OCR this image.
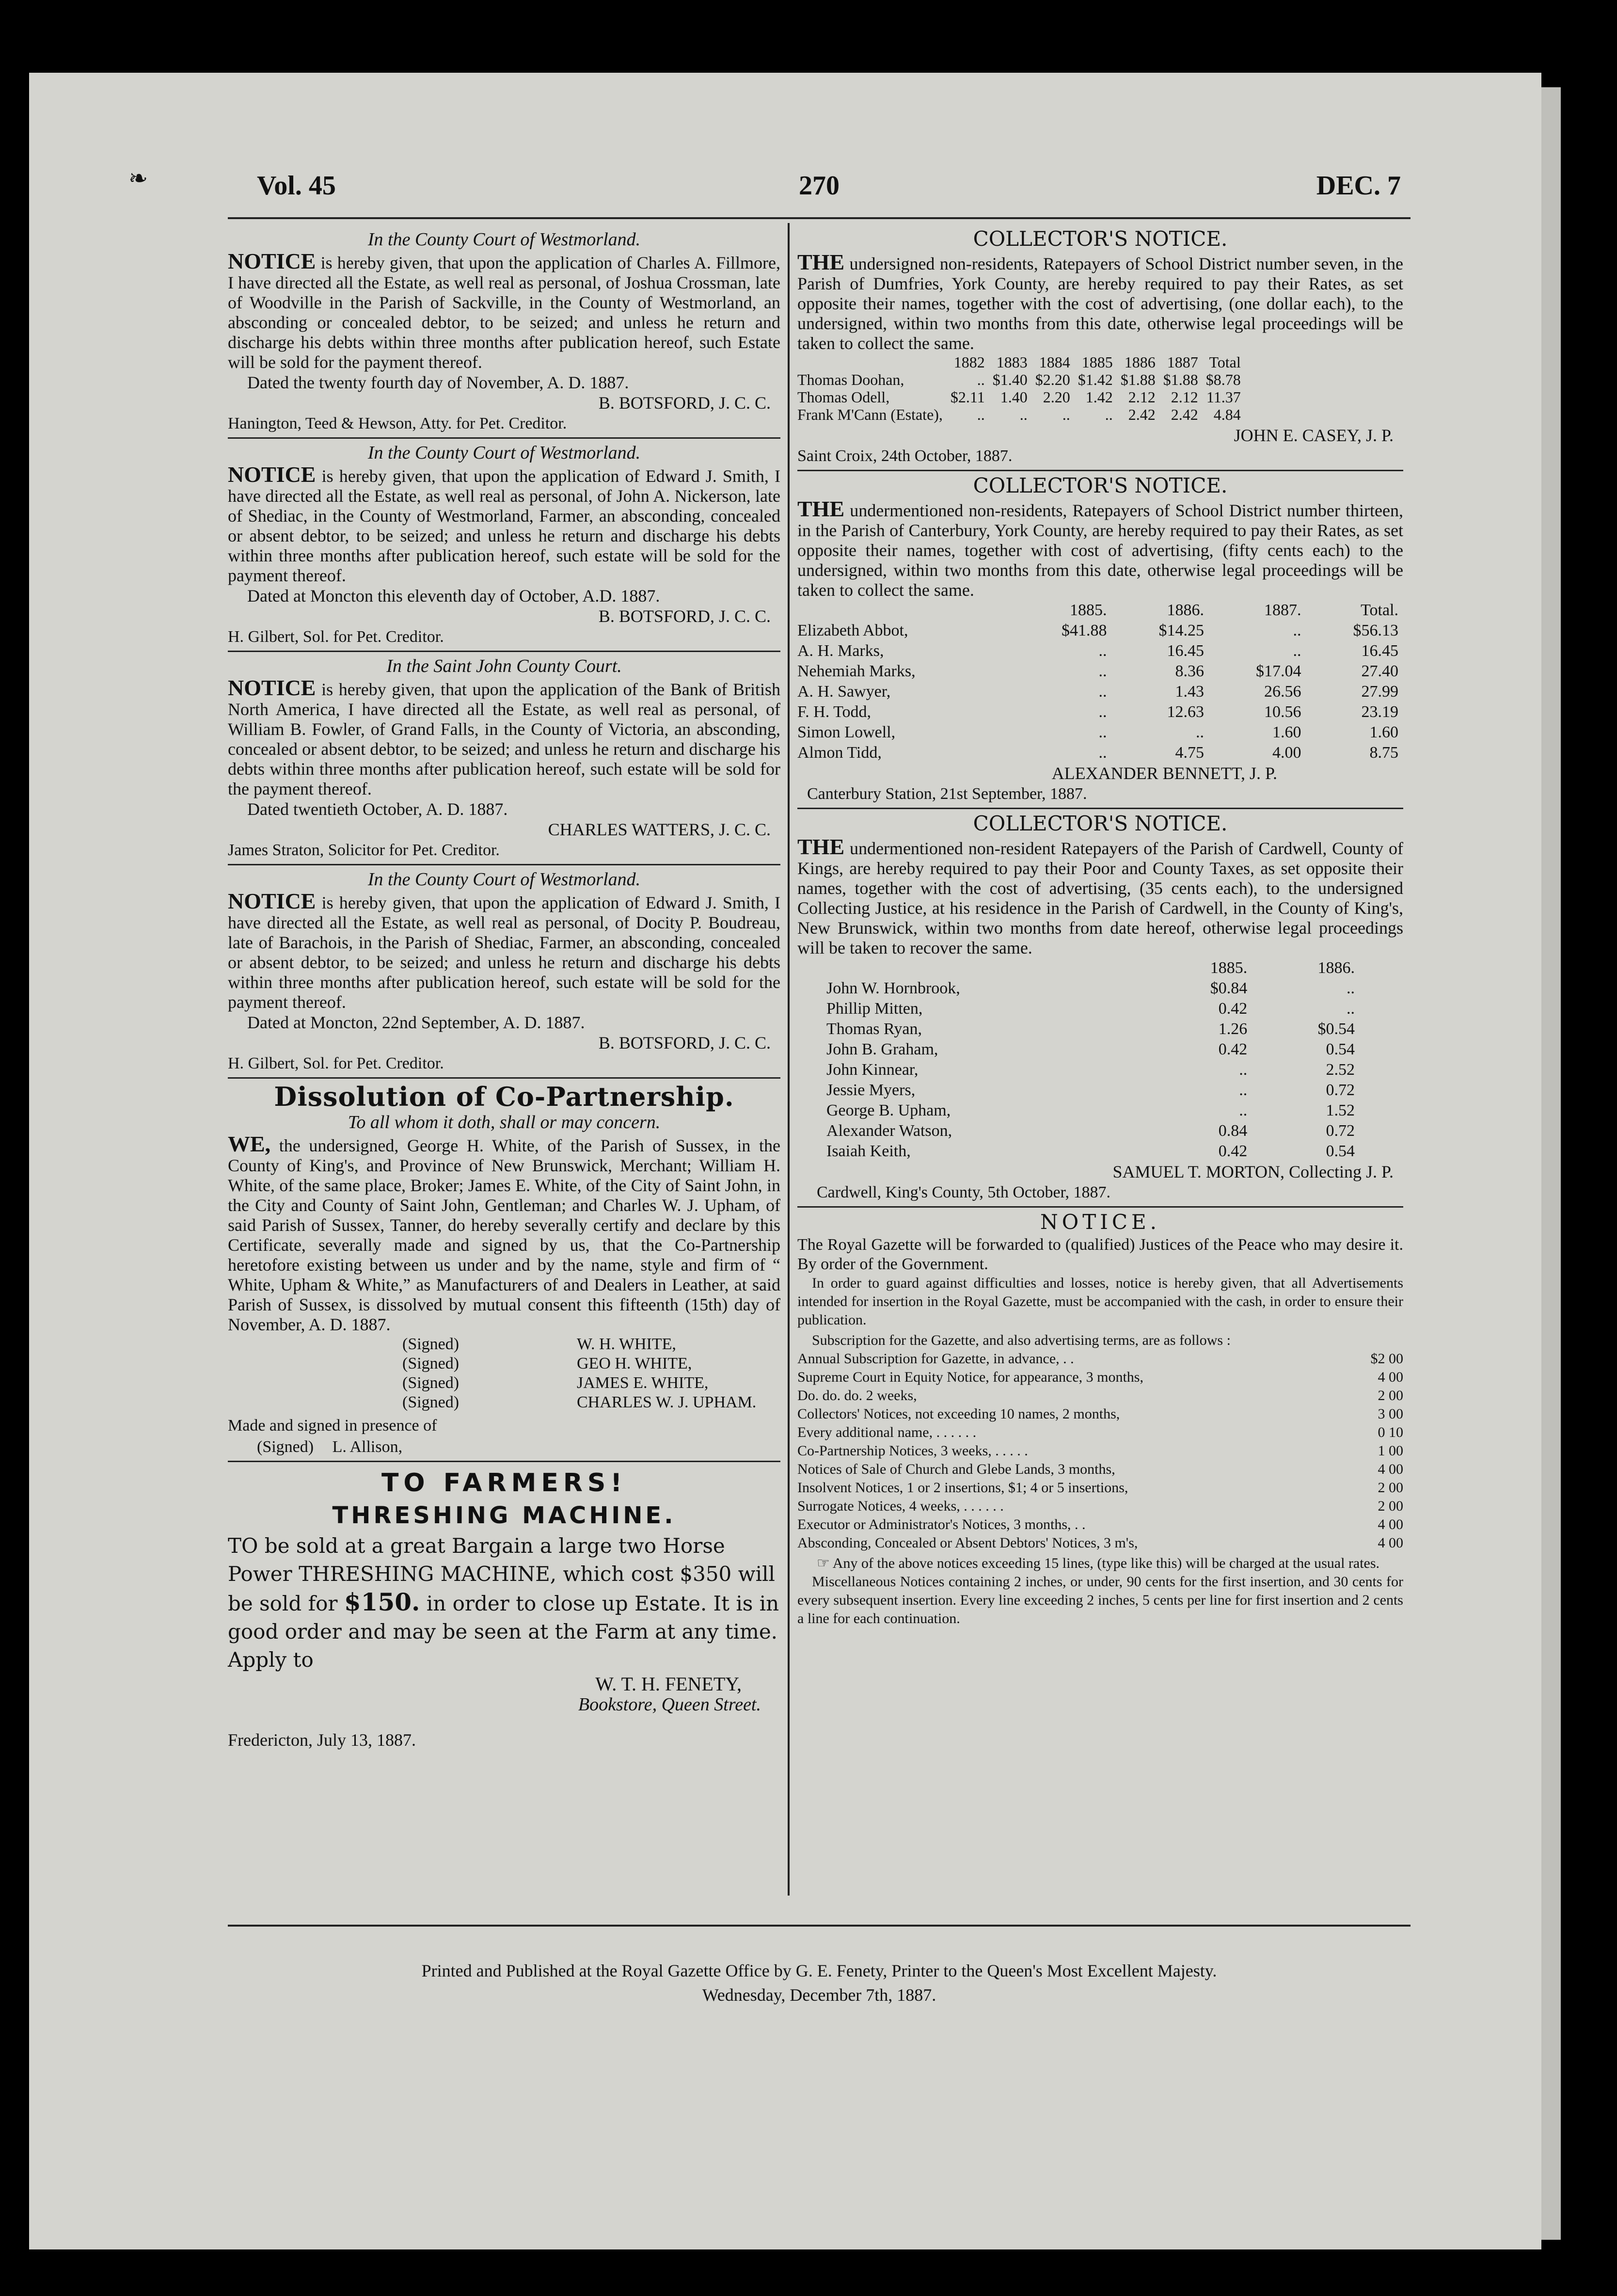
❧	Vol. 45	270	DEC. 7
In the County Court of Westmorland.

NOTICE is hereby given, that upon the application of Charles A. Fillmore, I have directed all the Estate, as well real as personal, of Joshua Crossman, late of Woodville in the Parish of Sackville, in the County of Westmorland, an absconding or concealed debtor, to be seized; and unless he return and discharge his debts within three months after publication hereof, such Estate will be sold for the payment thereof.

Dated the twenty fourth day of November, A. D. 1887.
B. BOTSFORD, J. C. C.
Hanington, Teed & Hewson, Atty. for Pet. Creditor.
In the County Court of Westmorland.

NOTICE is hereby given, that upon the application of Edward J. Smith, I have directed all the Estate, as well real as personal, of John A. Nickerson, late of Shediac, in the County of Westmorland, Farmer, an absconding, concealed or absent debtor, to be seized; and unless he return and discharge his debts within three months after publication hereof, such estate will be sold for the payment thereof.

Dated at Moncton this eleventh day of October, A.D. 1887.
B. BOTSFORD, J. C. C.
H. Gilbert, Sol. for Pet. Creditor.
In the Saint John County Court.

NOTICE is hereby given, that upon the application of the Bank of British North America, I have directed all the Estate, as well real as personal, of William B. Fowler, of Grand Falls, in the County of Victoria, an absconding, concealed or absent debtor, to be seized; and unless he return and discharge his debts within three months after publication hereof, such estate will be sold for the payment thereof.

Dated twentieth October, A. D. 1887.
CHARLES WATTERS, J. C. C.
James Straton, Solicitor for Pet. Creditor.
In the County Court of Westmorland.

NOTICE is hereby given, that upon the application of Edward J. Smith, I have directed all the Estate, as well real as personal, of Docity P. Boudreau, late of Barachois, in the Parish of Shediac, Farmer, an absconding, concealed or absent debtor, to be seized; and unless he return and discharge his debts within three months after publication hereof, such estate will be sold for the payment thereof.

Dated at Moncton, 22nd September, A. D. 1887.
B. BOTSFORD, J. C. C.
H. Gilbert, Sol. for Pet. Creditor.
Dissolution of Co-Partnership.
To all whom it doth, shall or may concern.

WE, the undersigned, George H. White, of the Parish of Sussex, in the County of King's, and Province of New Brunswick, Merchant; William H. White, of the same place, Broker; James E. White, of the City of Saint John, in the City and County of Saint John, Gentleman; and Charles W. J. Upham, of said Parish of Sussex, Tanner, do hereby severally certify and declare by this Certificate, severally made and signed by us, that the Co-Partnership heretofore existing between us under and by the name, style and firm of “ White, Upham & White,” as Manufacturers of and Dealers in Leather, at said Parish of Sussex, is dissolved by mutual consent this fifteenth (15th) day of November, A. D. 1887.

(Signed)	W. H. WHITE,
(Signed)	GEO H. WHITE,
(Signed)	JAMES E. WHITE,
(Signed)	CHARLES W. J. UPHAM.
Made and signed in presence of
(Signed) L. Allison,
TO FARMERS!
THRESHING MACHINE.

TO be sold at a great Bargain a large two Horse Power THRESHING MACHINE, which cost $350 will be sold for $150. in order to close up Estate. It is in good order and may be seen at the Farm at any time. Apply to

W. T. H. FENETY,
Bookstore, Queen Street.
Fredericton, July 13, 1887.
COLLECTOR'S NOTICE.

THE undersigned non-residents, Ratepayers of School District number seven, in the Parish of Dumfries, York County, are hereby required to pay their Rates, as set opposite their names, together with the cost of advertising, (one dollar each), to the undersigned, within two months from this date, otherwise legal proceedings will be taken to collect the same.

	1882	1883	1884	1885	1886	1887	Total
Thomas Doohan,	..	$1.40	$2.20	$1.42	$1.88	$1.88	$8.78
Thomas Odell,	$2.11	1.40	2.20	1.42	2.12	2.12	11.37
Frank M'Cann (Estate),	..	..	..	..	2.42	2.42	4.84
JOHN E. CASEY, J. P.
Saint Croix, 24th October, 1887.
COLLECTOR'S NOTICE.

THE undermentioned non-residents, Ratepayers of School District number thirteen, in the Parish of Canterbury, York County, are hereby required to pay their Rates, as set opposite their names, together with cost of advertising, (fifty cents each) to the undersigned, within two months from this date, otherwise legal proceedings will be taken to collect the same.

	1885.	1886.	1887.	Total.
Elizabeth Abbot,	$41.88	$14.25	..	$56.13
A. H. Marks,	..	16.45	..	16.45
Nehemiah Marks,	..	8.36	$17.04	27.40
A. H. Sawyer,	..	1.43	26.56	27.99
F. H. Todd,	..	12.63	10.56	23.19
Simon Lowell,	..	..	1.60	1.60
Almon Tidd,	..	4.75	4.00	8.75
ALEXANDER BENNETT, J. P.
Canterbury Station, 21st September, 1887.
COLLECTOR'S NOTICE.

THE undermentioned non-resident Ratepayers of the Parish of Cardwell, County of Kings, are hereby required to pay their Poor and County Taxes, as set opposite their names, together with the cost of advertising, (35 cents each), to the undersigned Collecting Justice, at his residence in the Parish of Cardwell, in the County of King's, New Brunswick, within two months from date hereof, otherwise legal proceedings will be taken to recover the same.

	1885.	1886.
John W. Hornbrook,	$0.84	..
Phillip Mitten,	0.42	..
Thomas Ryan,	1.26	$0.54
John B. Graham,	0.42	0.54
John Kinnear,	..	2.52
Jessie Myers,	..	0.72
George B. Upham,	..	1.52
Alexander Watson,	0.84	0.72
Isaiah Keith,	0.42	0.54
SAMUEL T. MORTON, Collecting J. P.
Cardwell, King's County, 5th October, 1887.
NOTICE.

The Royal Gazette will be forwarded to (qualified) Justices of the Peace who may desire it. By order of the Government.

In order to guard against difficulties and losses, notice is hereby given, that all Advertisements intended for insertion in the Royal Gazette, must be accompanied with the cash, in order to ensure their publication.

Subscription for the Gazette, and also advertising terms, are as follows :

Annual Subscription for Gazette, in advance, . .	$2 00
Supreme Court in Equity Notice, for appearance, 3 months,	4 00
Do. do. do. 2 weeks,	2 00
Collectors' Notices, not exceeding 10 names, 2 months,	3 00
Every additional name, . . . . . .	0 10
Co-Partnership Notices, 3 weeks, . . . . .	1 00
Notices of Sale of Church and Glebe Lands, 3 months,	4 00
Insolvent Notices, 1 or 2 insertions, $1; 4 or 5 insertions,	2 00
Surrogate Notices, 4 weeks, . . . . . .	2 00
Executor or Administrator's Notices, 3 months, . .	4 00
Absconding, Concealed or Absent Debtors' Notices, 3 m's,	4 00

☞ Any of the above notices exceeding 15 lines, (type like this) will be charged at the usual rates.

Miscellaneous Notices containing 2 inches, or under, 90 cents for the first insertion, and 30 cents for every subsequent insertion. Every line exceeding 2 inches, 5 cents per line for first insertion and 2 cents a line for each continuation.

Printed and Published at the Royal Gazette Office by G. E. Fenety, Printer to the Queen's Most Excellent Majesty.
Wednesday, December 7th, 1887.
